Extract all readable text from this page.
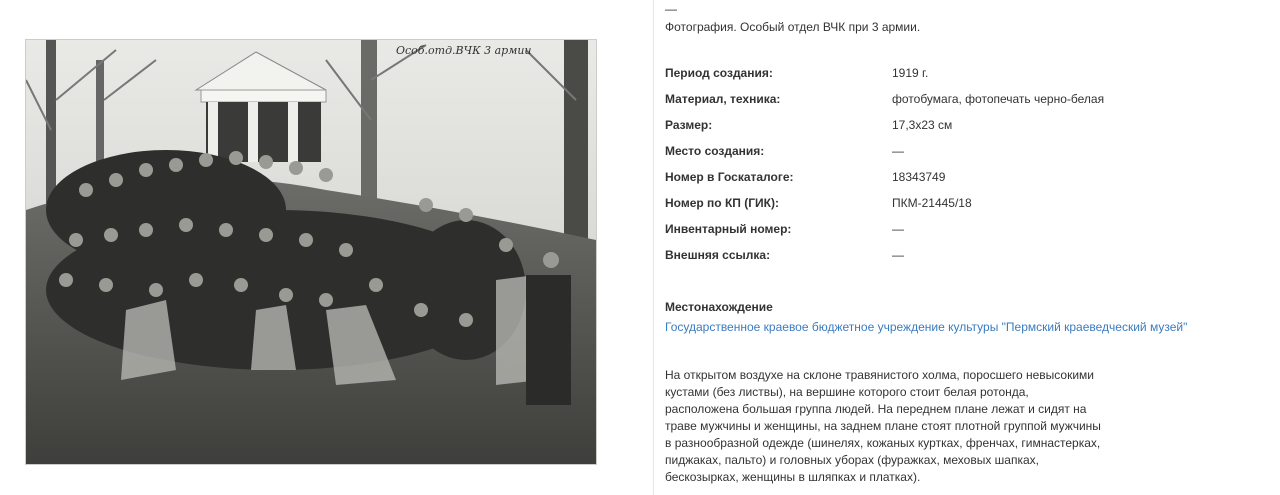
Особ.отд.ВЧК 3 армии
—
Фотография. Особый отдел ВЧК при 3 армии.
Период создания:	1919 г.
Материал, техника:	фотобумага, фотопечать черно-белая
Размер:	17,3x23 см
Место создания:	—
Номер в Госкаталоге:	18343749
Номер по КП (ГИК):	ПКМ-21445/18
Инвентарный номер:	—
Внешняя ссылка:	—
Местонахождение
Государственное краевое бюджетное учреждение культуры "Пермский краеведческий музей"
На открытом воздухе на склоне травянистого холма, поросшего невысокими
кустами (без листвы), на вершине которого стоит белая ротонда,
расположена большая группа людей. На переднем плане лежат и сидят на
траве мужчины и женщины, на заднем плане стоят плотной группой мужчины
в разнообразной одежде (шинелях, кожаных куртках, френчах, гимнастерках,
пиджаках, пальто) и головных уборах (фуражках, меховых шапках,
бескозырках, женщины в шляпках и платках).
